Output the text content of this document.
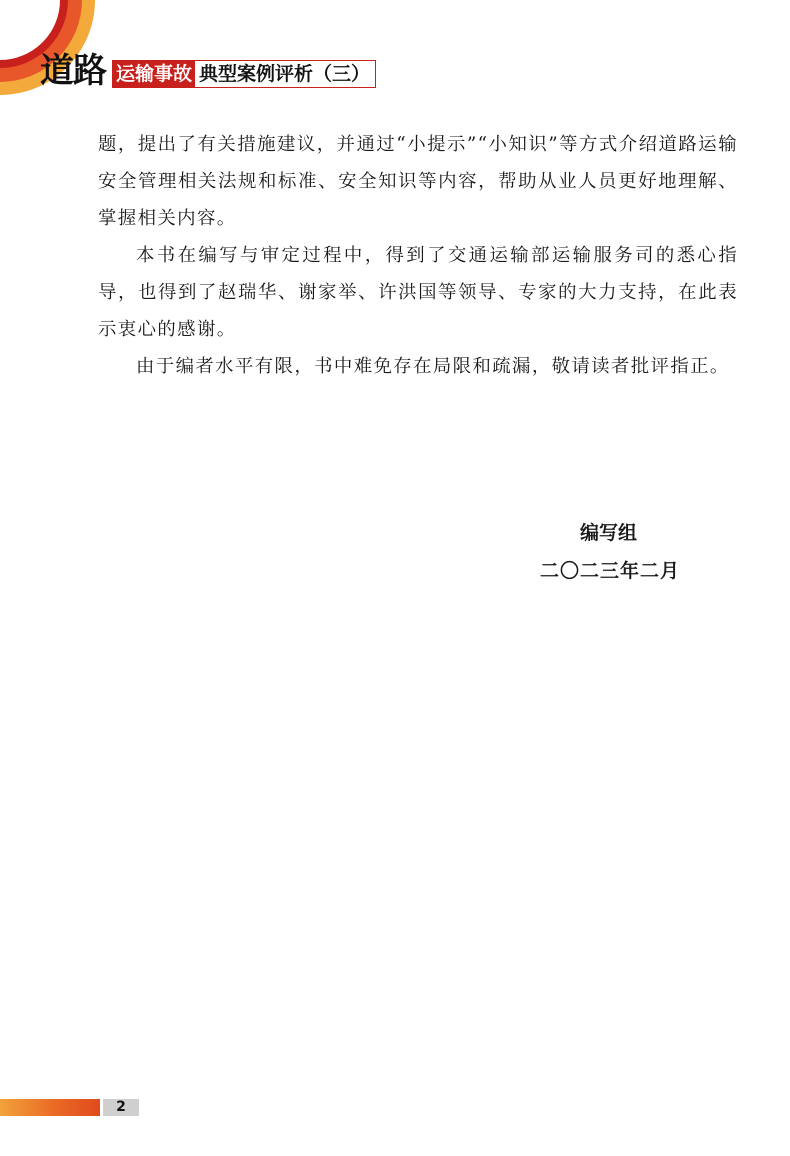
道路 运输事故 典型案例评析（三）

题，提出了有关措施建议，并通过“小提示”“小知识”等方式介绍道路运输安全管理相关法规和标准、安全知识等内容，帮助从业人员更好地理解、掌握相关内容。

本书在编写与审定过程中，得到了交通运输部运输服务司的悉心指导，也得到了赵瑞华、谢家举、许洪国等领导、专家的大力支持，在此表示衷心的感谢。

由于编者水平有限，书中难免存在局限和疏漏，敬请读者批评指正。

编写组
二〇二三年二月
2
